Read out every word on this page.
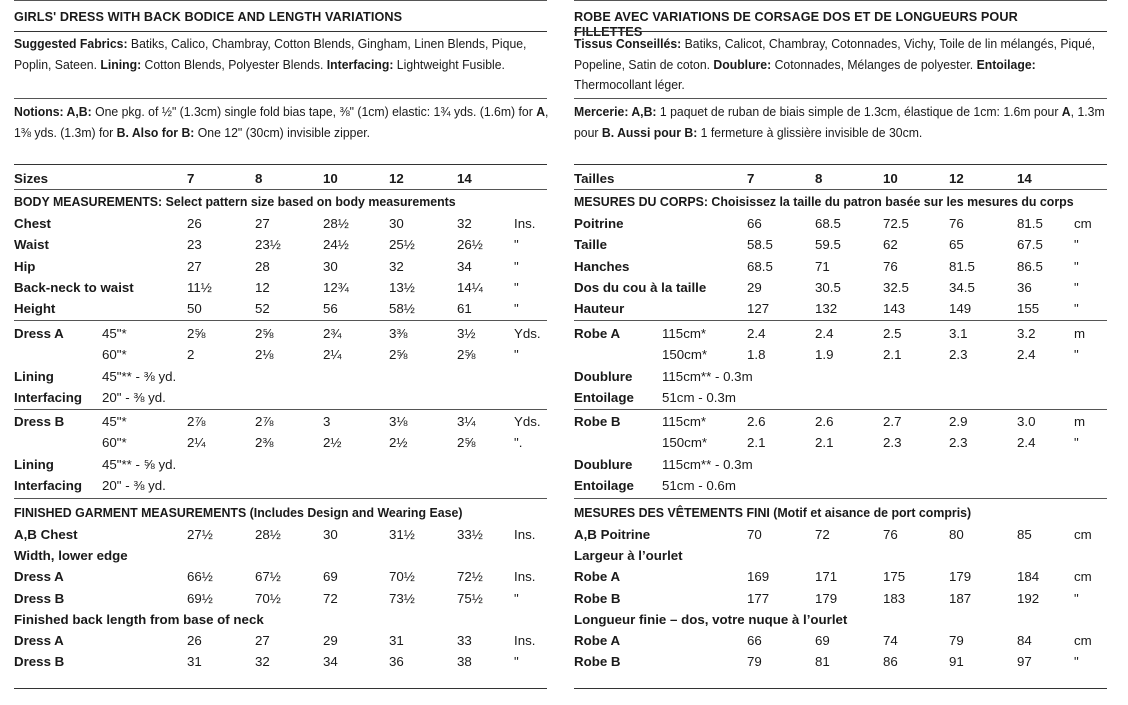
GIRLS' DRESS WITH BACK BODICE AND LENGTH VARIATIONS
Suggested Fabrics: Batiks, Calico, Chambray, Cotton Blends, Gingham, Linen Blends, Pique, Poplin, Sateen. Lining: Cotton Blends, Polyester Blends. Interfacing: Lightweight Fusible.
Notions: A,B: One pkg. of ½" (1.3cm) single fold bias tape, ⅜" (1cm) elastic: 1¾ yds. (1.6m) for A, 1⅜ yds. (1.3m) for B. Also for B: One 12" (30cm) invisible zipper.
Sizes	7	8	10	12	14
BODY MEASUREMENTS: Select pattern size based on body measurements
Chest	26	27	28½	30	32	Ins.
Waist	23	23½	24½	25½	26½ "
Hip	27	28	30	32	34	"
Back-neck to waist	11½	12	12¾	13½	14¼ "
Height	50	52	56	58½	61	"
Dress A	45"*	2⅝	2⅝	2¾	3⅜	3½	Yds.
60"*	2	2⅛	2¼	2⅝	2⅝	"
Lining	45"** - ⅜ yd.
Interfacing 20" - ⅜ yd.
Dress B	45"*	2⅞	2⅞	3	3⅛	3¼	Yds.
60"*	2¼	2⅜	2½	2½	2⅝	".
Lining	45"** - ⅝ yd.
Interfacing 20" - ⅜ yd.
FINISHED GARMENT MEASUREMENTS (Includes Design and Wearing Ease)
A,B Chest	27½	28½	30	31½	33½ Ins.
Width, lower edge
Dress A	66½	67½	69	70½	72½ Ins.
Dress B	69½	70½	72	73½	75½ "
Finished back length from base of neck
Dress A	26	27	29	31	33	Ins.
Dress B	31	32	34	36	38	"
ROBE AVEC VARIATIONS DE CORSAGE DOS ET DE LONGUEURS POUR FILLETTES
Tissus Conseillés: Batiks, Calicot, Chambray, Cotonnades, Vichy, Toile de lin mélangés, Piqué, Popeline, Satin de coton. Doublure: Cotonnades, Mélanges de polyester. Entoilage: Thermocollant léger.
Mercerie: A,B: 1 paquet de ruban de biais simple de 1.3cm, élastique de 1cm: 1.6m pour A, 1.3m pour B. Aussi pour B: 1 fermeture à glissière invisible de 30cm.
Tailles	7	8	10	12	14
MESURES DU CORPS: Choisissez la taille du patron basée sur les mesures du corps
Poitrine	66	68.5	72.5	76	81.5 cm
Taille	58.5	59.5	62	65	67.5 "
Hanches	68.5	71	76	81.5	86.5 "
Dos du cou à la taille	29	30.5	32.5	34.5	36	"
Hauteur	127	132	143	149	155	"
Robe A	115cm*	2.4	2.4	2.5	3.1	3.2	m
150cm*	1.8	1.9	2.1	2.3	2.4	"
Doublure 115cm** - 0.3m
Entoilage 51cm - 0.3m
Robe B	115cm*	2.6	2.6	2.7	2.9	3.0	m
150cm*	2.1	2.1	2.3	2.3	2.4	"
Doublure 115cm** - 0.3m
Entoilage 51cm - 0.6m
MESURES DES VÊTEMENTS FINI (Motif et aisance de port compris)
A,B Poitrine	70	72	76	80	85	cm
Largeur à l’ourlet
Robe A	169	171	175	179	184	cm
Robe B	177	179	183	187	192	"
Longueur finie – dos, votre nuque à l’ourlet
Robe A	66	69	74	79	84	cm
Robe B	79	81	86	91	97	"
